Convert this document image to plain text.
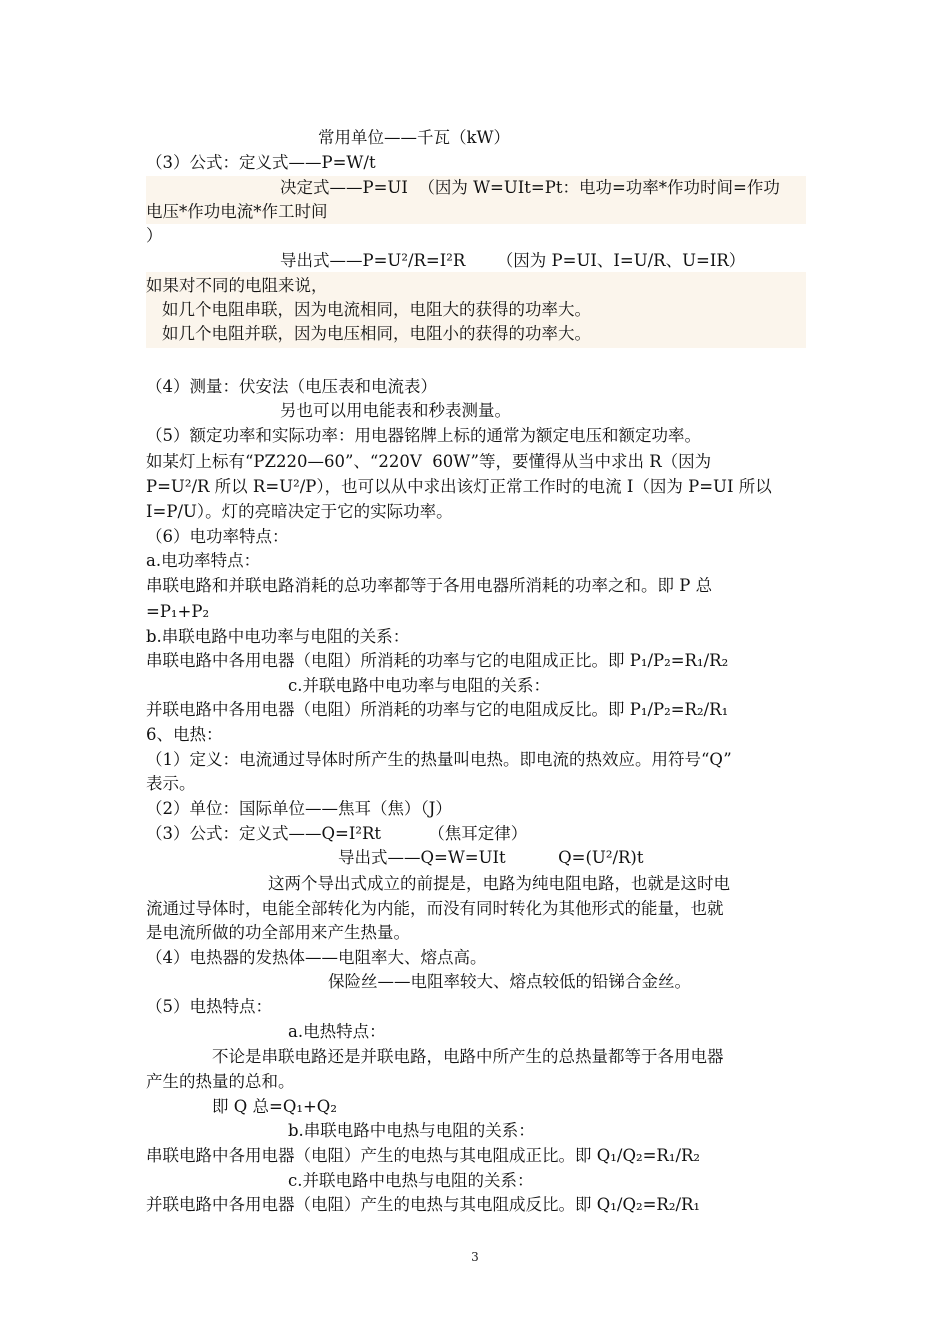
常用单位——千瓦（kW）
（3）公式：定义式——P=W/t
决定式——P=UI  （因为 W=UIt=Pt：电功=功率*作功时间=作功
电压*作功电流*作工时间
）
导出式——P=U²/R=I²R      （因为 P=UI、I=U/R、U=IR）
如果对不同的电阻来说，
如几个电阻串联，因为电流相同，电阻大的获得的功率大。
如几个电阻并联，因为电压相同，电阻小的获得的功率大。
（4）测量：伏安法（电压表和电流表）
另也可以用电能表和秒表测量。
（5）额定功率和实际功率：用电器铭牌上标的通常为额定电压和额定功率。
如某灯上标有“PZ220—60”、“220V  60W”等，要懂得从当中求出 R（因为
P=U²/R 所以 R=U²/P），也可以从中求出该灯正常工作时的电流 I（因为 P=UI 所以
I=P/U）。灯的亮暗决定于它的实际功率。
（6）电功率特点：
a.电功率特点：
串联电路和并联电路消耗的总功率都等于各用电器所消耗的功率之和。即 P 总
=P₁+P₂
b.串联电路中电功率与电阻的关系：
串联电路中各用电器（电阻）所消耗的功率与它的电阻成正比。即 P₁/P₂=R₁/R₂
c.并联电路中电功率与电阻的关系：
并联电路中各用电器（电阻）所消耗的功率与它的电阻成反比。即 P₁/P₂=R₂/R₁
6、电热：
（1）定义：电流通过导体时所产生的热量叫电热。即电流的热效应。用符号“Q”
表示。
（2）单位：国际单位——焦耳（焦）（J）
（3）公式：定义式——Q=I²Rt         （焦耳定律）
导出式——Q=W=UIt          Q=(U²/R)t
这两个导出式成立的前提是，电路为纯电阻电路，也就是这时电
流通过导体时，电能全部转化为内能，而没有同时转化为其他形式的能量，也就
是电流所做的功全部用来产生热量。
（4）电热器的发热体——电阻率大、熔点高。
保险丝——电阻率较大、熔点较低的铅锑合金丝。
（5）电热特点：
a.电热特点：
不论是串联电路还是并联电路，电路中所产生的总热量都等于各用电器
产生的热量的总和。
即 Q 总=Q₁+Q₂
b.串联电路中电热与电阻的关系：
串联电路中各用电器（电阻）产生的电热与其电阻成正比。即 Q₁/Q₂=R₁/R₂
c.并联电路中电热与电阻的关系：
并联电路中各用电器（电阻）产生的电热与其电阻成反比。即 Q₁/Q₂=R₂/R₁
3
